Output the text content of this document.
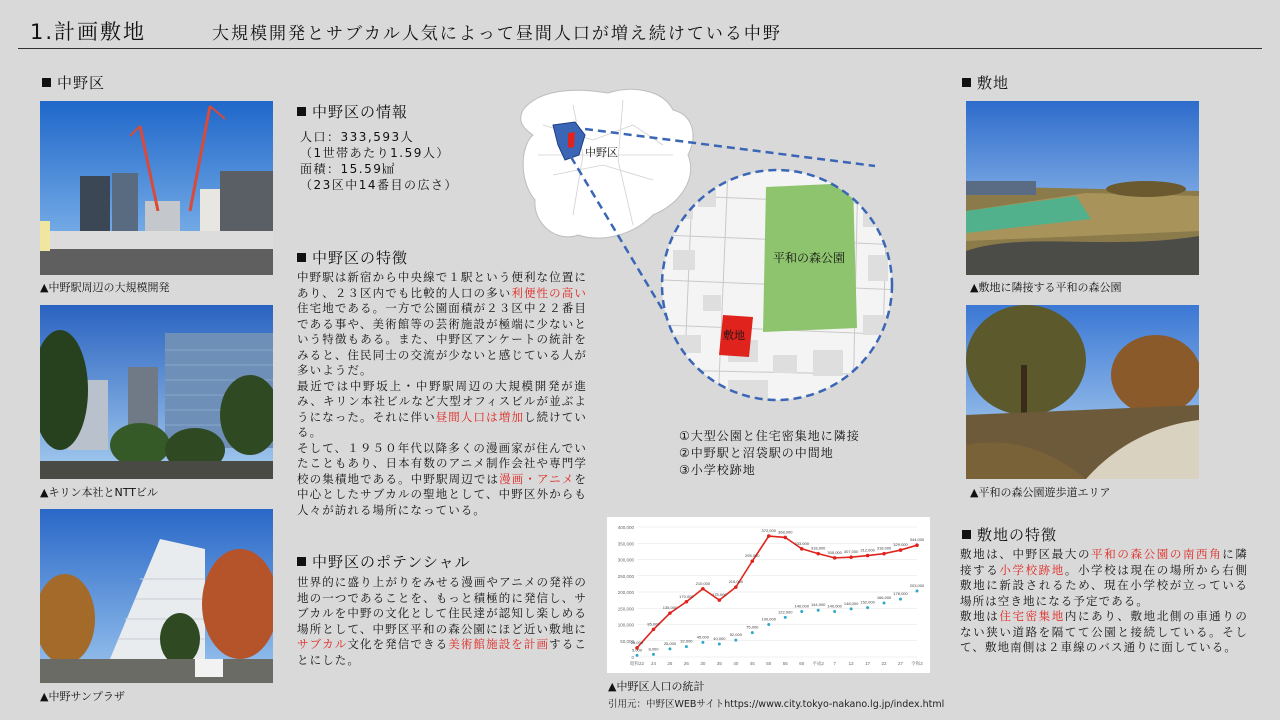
1.計画敷地	大規模開発とサブカル人気によって昼間人口が増え続けている中野
中野区
▲中野駅周辺の大規模開発
▲キリン本社とNTTビル
▲中野サンプラザ
中野区の情報
人口：333,593人
（1世帯あたり1.59人）
面積：15.59㎢
（23区中14番目の広さ）
中野区の特徴
中野駅は新宿から中央線で１駅という便利な位置にあり、２３区内でも比較的人口の多い利便性の高い住宅地である。一方で公園面積が２３区中２２番目である事や、美術館等の芸術施設が極端に少ないという特徴もある。また、中野区アンケートの統計をみると、住民同士の交流が少ないと感じている人が多いようだ。
最近では中野坂上・中野駅周辺の大規模開発が進み、キリン本社ビルなど大型オフィスビルが並ぶようになった。それに伴い昼間人口は増加し続けている。
そして、１９５０年代以降多くの漫画家が住んでいたこともあり、日本有数のアニメ制作会社や専門学校の集積地である。中野駅周辺では漫画・アニメを中心としたサブカルの聖地として、中野区外からも人々が訪れる場所になっている。
中野区のポテンシャル
世界的に盛り上がりをみせる漫画やアニメの発祥の地の一つであることを、もっと積極的に発信し、サブカルを中野の文化として住民達が認知し楽しめる場所として、中野区平和の森公園にほど近い敷地にサブカル文化を発信できる美術館施設を計画することにした。
中野区
平和の森公園
敷地
①大型公園と住宅密集地に隣接
②中野駅と沼袋駅の中間地
③小学校跡地
0
50,000
100,000
150,000
200,000
250,000
300,000
350,000
400,000
昭和22 24	25	26	30	35	40	45	50	55	60 平成2 7	12	17	22	27 令和2
28,000
85,000
135,000
170,000
210,000
175,000
215,000
295,000
372,000 368,000
333,000
318,000
305,000 307,000 312,000 318,000
329,000
344,000
5,000 8,000
25,000 32,000
45,000 40,000
52,000
75,000
100,000
122,000
140,000 144,000 140,000
148,000 152,000
166,000
178,000
203,000
▲中野区人口の統計
引用元：中野区WEBサイトhttps://www.city.tokyo-nakano.lg.jp/index.html
敷地
▲敷地に隣接する平和の森公園
▲平和の森公園遊歩道エリア
敷地の特徴
敷地は、中野区最大の平和の森公園の南西角に隣接する小学校跡地。小学校は現在の場所から右側敷地に新設されるため、現在小学校が立っている場所は空き地になる予定である。
敷地は住宅密集地内にあり、敷地北側の車通りのない狭い道路を隔てて公園と接続している。そして、敷地南側は２車線のバス通りに面している。
